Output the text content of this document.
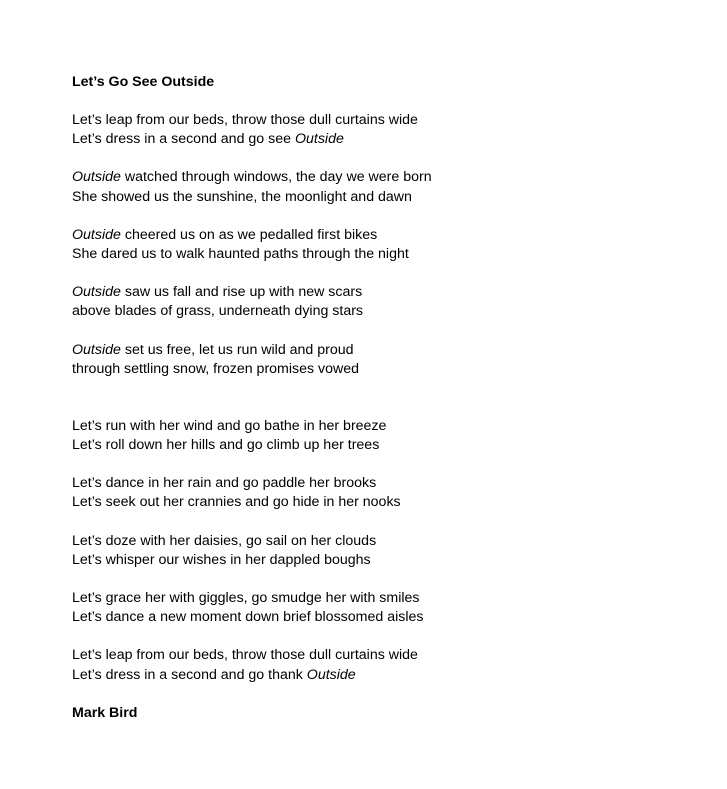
Let’s Go See Outside
Let’s leap from our beds, throw those dull curtains wide
Let’s dress in a second and go see Outside
Outside watched through windows, the day we were born
She showed us the sunshine, the moonlight and dawn
Outside cheered us on as we pedalled first bikes
She dared us to walk haunted paths through the night
Outside saw us fall and rise up with new scars
above blades of grass, underneath dying stars
Outside set us free, let us run wild and proud
through settling snow, frozen promises vowed
Let’s run with her wind and go bathe in her breeze
Let’s roll down her hills and go climb up her trees
Let’s dance in her rain and go paddle her brooks
Let’s seek out her crannies and go hide in her nooks
Let’s doze with her daisies, go sail on her clouds
Let’s whisper our wishes in her dappled boughs
Let’s grace her with giggles, go smudge her with smiles
Let’s dance a new moment down brief blossomed aisles
Let’s leap from our beds, throw those dull curtains wide
Let’s dress in a second and go thank Outside
Mark Bird
